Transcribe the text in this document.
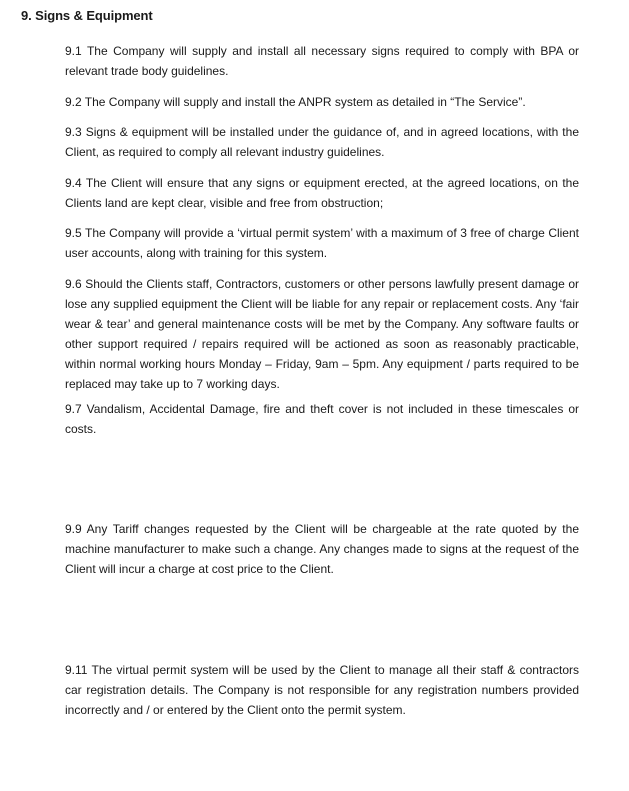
9. Signs & Equipment
9.1 The Company will supply and install all necessary signs required to comply with BPA or relevant trade body guidelines.
9.2 The Company will supply and install the ANPR system as detailed in “The Service”.
9.3 Signs & equipment will be installed under the guidance of, and in agreed locations, with the Client, as required to comply all relevant industry guidelines.
9.4 The Client will ensure that any signs or equipment erected, at the agreed locations, on the Clients land are kept clear, visible and free from obstruction;
9.5 The Company will provide a ‘virtual permit system’ with a maximum of 3 free of charge Client user accounts, along with training for this system.
9.6 Should the Clients staff, Contractors, customers or other persons lawfully present damage or lose any supplied equipment the Client will be liable for any repair or replacement costs. Any ‘fair wear & tear’ and general maintenance costs will be met by the Company. Any software faults or other support required / repairs required will be actioned as soon as reasonably practicable, within normal working hours Monday – Friday, 9am – 5pm. Any equipment / parts required to be replaced may take up to 7 working days.
9.7 Vandalism, Accidental Damage, fire and theft cover is not included in these timescales or costs.
9.9 Any Tariff changes requested by the Client will be chargeable at the rate quoted by the machine manufacturer to make such a change. Any changes made to signs at the request of the Client will incur a charge at cost price to the Client.
9.11 The virtual permit system will be used by the Client to manage all their staff & contractors car registration details. The Company is not responsible for any registration numbers provided incorrectly and / or entered by the Client onto the permit system.
